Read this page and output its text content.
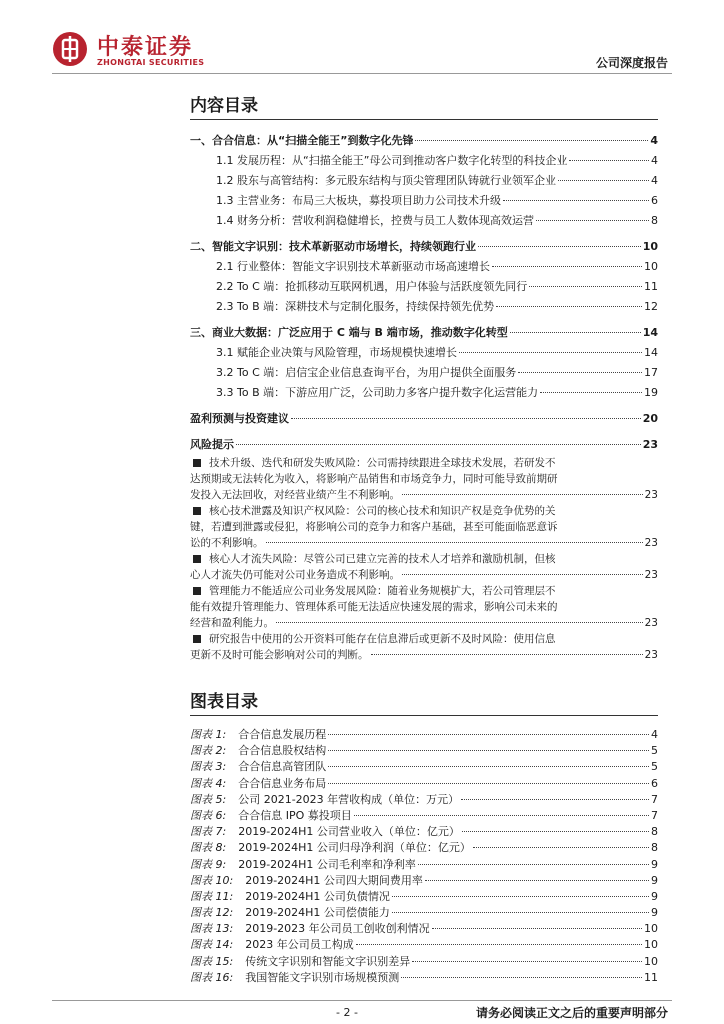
中泰证券
ZHONGTAI SECURITIES	公司深度报告
内容目录
一、合合信息：从“扫描全能王”到数字化先锋	4
1.1 发展历程：从“扫描全能王”母公司到推动客户数字化转型的科技企业	4
1.2 股东与高管结构：多元股东结构与顶尖管理团队铸就行业领军企业	4
1.3 主营业务：布局三大板块，募投项目助力公司技术升级	6
1.4 财务分析：营收利润稳健增长，控费与员工人数体现高效运营	8
二、智能文字识别：技术革新驱动市场增长，持续领跑行业	10
2.1 行业整体：智能文字识别技术革新驱动市场高速增长	10
2.2 To C 端：抢抓移动互联网机遇，用户体验与活跃度领先同行	11
2.3 To B 端：深耕技术与定制化服务，持续保持领先优势	12
三、商业大数据：广泛应用于 C 端与 B 端市场，推动数字化转型	14
3.1 赋能企业决策与风险管理，市场规模快速增长	14
3.2 To C 端：启信宝企业信息查询平台，为用户提供全面服务	17
3.3 To B 端：下游应用广泛，公司助力多客户提升数字化运营能力	19
盈利预测与投资建议	20
风险提示	23
技术升级、迭代和研发失败风险：公司需持续跟进全球技术发展，若研发不
达预期或无法转化为收入，将影响产品销售和市场竞争力，同时可能导致前期研
发投入无法回收，对经营业绩产生不利影响。	23
核心技术泄露及知识产权风险：公司的核心技术和知识产权是竞争优势的关
键，若遭到泄露或侵犯，将影响公司的竞争力和客户基础，甚至可能面临恶意诉
讼的不利影响。	23
核心人才流失风险：尽管公司已建立完善的技术人才培养和激励机制，但核
心人才流失仍可能对公司业务造成不利影响。	23
管理能力不能适应公司业务发展风险：随着业务规模扩大，若公司管理层不
能有效提升管理能力、管理体系可能无法适应快速发展的需求，影响公司未来的
经营和盈利能力。	23
研究报告中使用的公开资料可能存在信息滞后或更新不及时风险：使用信息
更新不及时可能会影响对公司的判断。	23
图表目录
图表 1: 合合信息发展历程	4
图表 2: 合合信息股权结构	5
图表 3: 合合信息高管团队	5
图表 4: 合合信息业务布局	6
图表 5: 公司 2021-2023 年营收构成（单位：万元）	7
图表 6: 合合信息 IPO 募投项目	7
图表 7: 2019-2024H1 公司营业收入（单位：亿元）	8
图表 8: 2019-2024H1 公司归母净利润（单位：亿元）	8
图表 9: 2019-2024H1 公司毛利率和净利率	9
图表 10: 2019-2024H1 公司四大期间费用率	9
图表 11: 2019-2024H1 公司负债情况	9
图表 12: 2019-2024H1 公司偿债能力	9
图表 13: 2019-2023 年公司员工创收创利情况	10
图表 14: 2023 年公司员工构成	10
图表 15: 传统文字识别和智能文字识别差异	10
图表 16: 我国智能文字识别市场规模预测	11
- 2 -	请务必阅读正文之后的重要声明部分
